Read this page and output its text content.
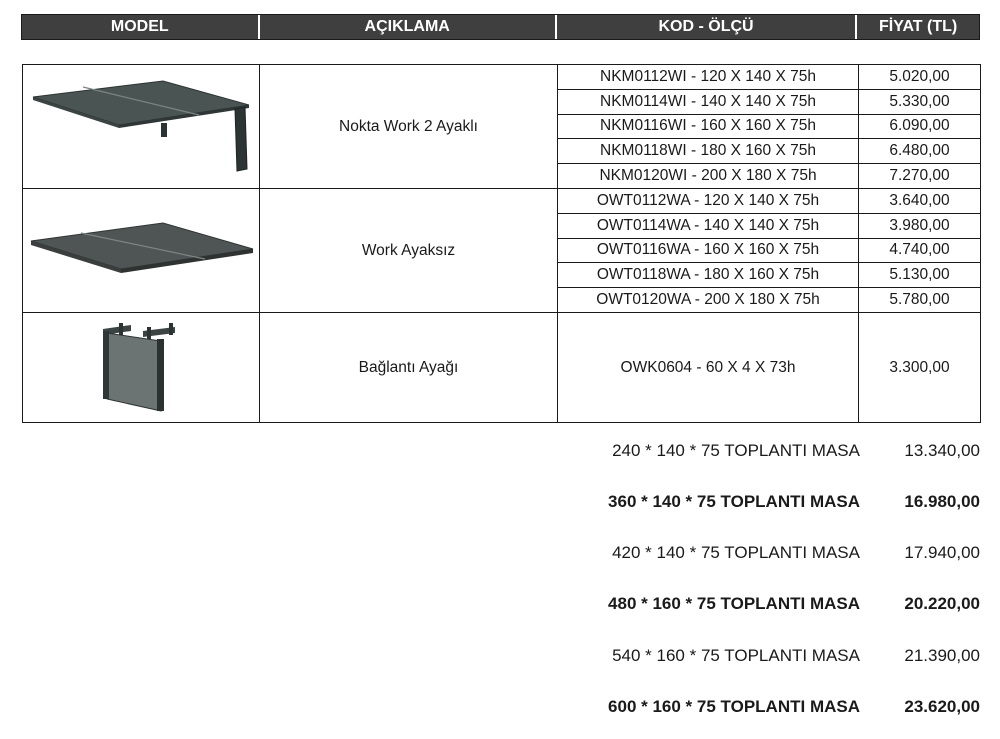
MODEL	AÇIKLAMA	KOD - ÖLÇÜ	FİYAT (TL)
	Nokta Work 2 Ayaklı	NKM0112WI - 120 X 140 X 75h	5.020,00
		NKM0114WI - 140 X 140 X 75h	5.330,00
		NKM0116WI - 160 X 160 X 75h	6.090,00
		NKM0118WI - 180 X 160 X 75h	6.480,00
		NKM0120WI - 200 X 180 X 75h	7.270,00
	Work Ayaksız	OWT0112WA - 120 X 140 X 75h	3.640,00
		OWT0114WA - 140 X 140 X 75h	3.980,00
		OWT0116WA - 160 X 160 X 75h	4.740,00
		OWT0118WA - 180 X 160 X 75h	5.130,00
		OWT0120WA - 200 X 180 X 75h	5.780,00
	Bağlantı Ayağı	OWK0604 - 60 X 4 X 73h	3.300,00
240 * 140 * 75 TOPLANTI MASA	13.340,00
360 * 140 * 75 TOPLANTI MASA	16.980,00
420 * 140 * 75 TOPLANTI MASA	17.940,00
480 * 160 * 75 TOPLANTI MASA	20.220,00
540 * 160 * 75 TOPLANTI MASA	21.390,00
600 * 160 * 75 TOPLANTI MASA	23.620,00
